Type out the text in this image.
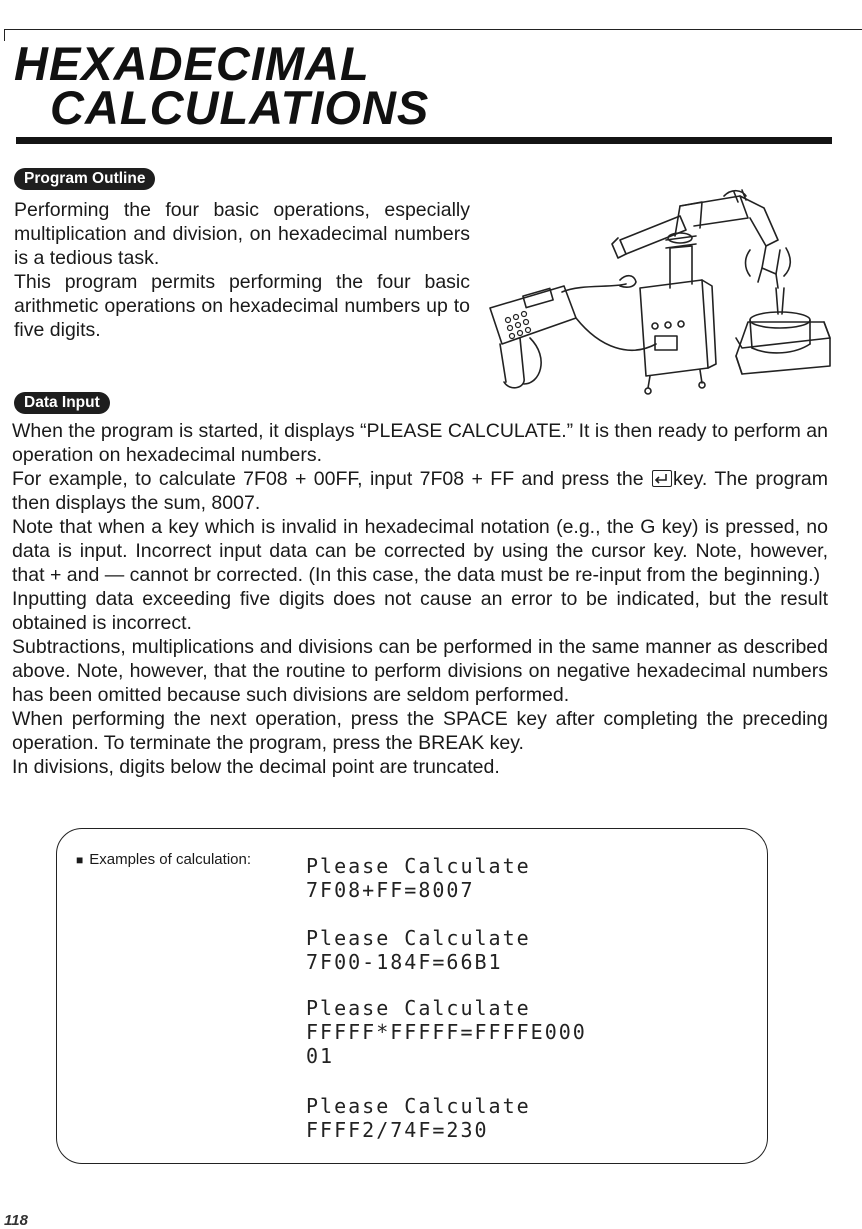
HEXADECIMAL
CALCULATIONS
Program Outline

Performing the four basic operations, especially multiplication and division, on hexadecimal numbers is a tedious task.

This program permits performing the four basic arithmetic operations on hexadecimal numbers up to five digits.

Data Input

When the program is started, it displays “PLEASE CALCULATE.” It is then ready to perform an operation on hexadecimal numbers.

For example, to calculate 7F08 + 00FF, input 7F08 + FF and press the
key. The program then displays the sum, 8007.

Note that when a key which is invalid in hexadecimal notation (e.g., the G key) is pressed, no data is input. Incorrect input data can be corrected by using the cursor key. Note, however, that + and — cannot br corrected. (In this case, the data must be re-input from the beginning.)

Inputting data exceeding five digits does not cause an error to be indicated, but the result obtained is incorrect.

Subtractions, multiplications and divisions can be performed in the same manner as described above. Note, however, that the routine to perform divisions on negative hexadecimal numbers has been omitted because such divisions are seldom performed.

When performing the next operation, press the SPACE key after completing the preceding operation. To terminate the program, press the BREAK key.

In divisions, digits below the decimal point are truncated.

■ Examples of calculation:	Please Calculate
7F08+FF=8007
Please Calculate
7F00-184F=66B1
Please Calculate
FFFFF*FFFFF=FFFFE000
01
Please Calculate
FFFF2/74F=230
118
